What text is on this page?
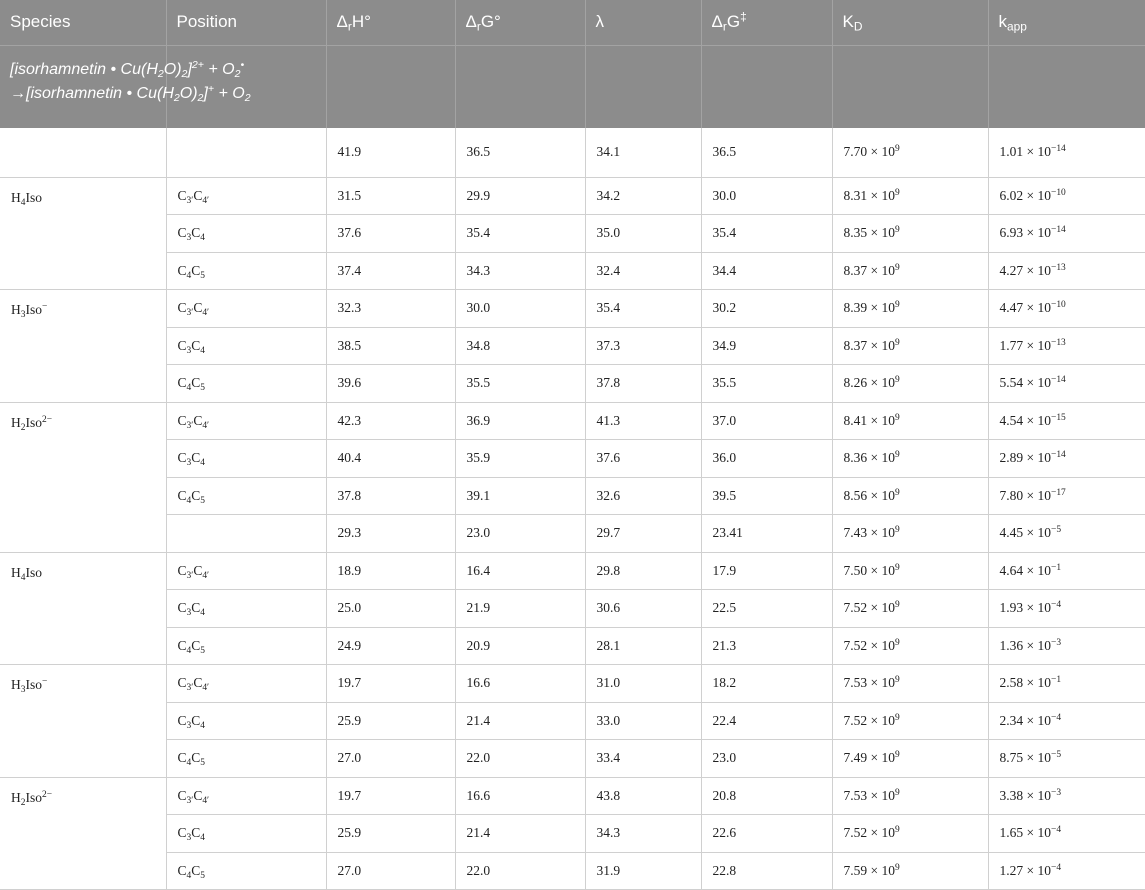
Species	Position	$\Delta_rH^\circ$	$\Delta_rG^\circ$	λ	$\Delta_rG^\ddagger$	$K_D$	$k_{app}$

[isorhamnetin • $Cu(H_2O)_2]^{2+} + O_2^•$
→[isorhamnetin • $Cu(H_2O)_2]^+ + O_2$

		41.9	36.5	34.1	36.5	$7.70 \times 10^9$	$1.01 \times 10^{-14}$
$H_4Iso$	$C_{3'}C_{4'}$	31.5	29.9	34.2	30.0	$8.31 \times 10^9$	$6.02 \times 10^{-10}$
	$C_3C_4$	37.6	35.4	35.0	35.4	$8.35 \times 10^9$	$6.93 \times 10^{-14}$
	$C_4C_5$	37.4	34.3	32.4	34.4	$8.37 \times 10^9$	$4.27 \times 10^{-13}$
$H_3Iso^-$	$C_{3'}C_{4'}$	32.3	30.0	35.4	30.2	$8.39 \times 10^9$	$4.47 \times 10^{-10}$
	$C_3C_4$	38.5	34.8	37.3	34.9	$8.37 \times 10^9$	$1.77 \times 10^{-13}$
	$C_4C_5$	39.6	35.5	37.8	35.5	$8.26 \times 10^9$	$5.54 \times 10^{-14}$
$H_2Iso^{2-}$	$C_{3'}C_{4'}$	42.3	36.9	41.3	37.0	$8.41 \times 10^9$	$4.54 \times 10^{-15}$
	$C_3C_4$	40.4	35.9	37.6	36.0	$8.36 \times 10^9$	$2.89 \times 10^{-14}$
	$C_4C_5$	37.8	39.1	32.6	39.5	$8.56 \times 10^9$	$7.80 \times 10^{-17}$
		29.3	23.0	29.7	23.41	$7.43 \times 10^9$	$4.45 \times 10^{-5}$
$H_4Iso$	$C_{3'}C_{4'}$	18.9	16.4	29.8	17.9	$7.50 \times 10^9$	$4.64 \times 10^{-1}$
	$C_3C_4$	25.0	21.9	30.6	22.5	$7.52 \times 10^9$	$1.93 \times 10^{-4}$
	$C_4C_5$	24.9	20.9	28.1	21.3	$7.52 \times 10^9$	$1.36 \times 10^{-3}$
$H_3Iso^-$	$C_{3'}C_{4'}$	19.7	16.6	31.0	18.2	$7.53 \times 10^9$	$2.58 \times 10^{-1}$
	$C_3C_4$	25.9	21.4	33.0	22.4	$7.52 \times 10^9$	$2.34 \times 10^{-4}$
	$C_4C_5$	27.0	22.0	33.4	23.0	$7.49 \times 10^9$	$8.75 \times 10^{-5}$
$H_2Iso^{2-}$	$C_{3'}C_{4'}$	19.7	16.6	43.8	20.8	$7.53 \times 10^9$	$3.38 \times 10^{-3}$
	$C_3C_4$	25.9	21.4	34.3	22.6	$7.52 \times 10^9$	$1.65 \times 10^{-4}$
	$C_4C_5$	27.0	22.0	31.9	22.8	$7.59 \times 10^9$	$1.27 \times 10^{-4}$
